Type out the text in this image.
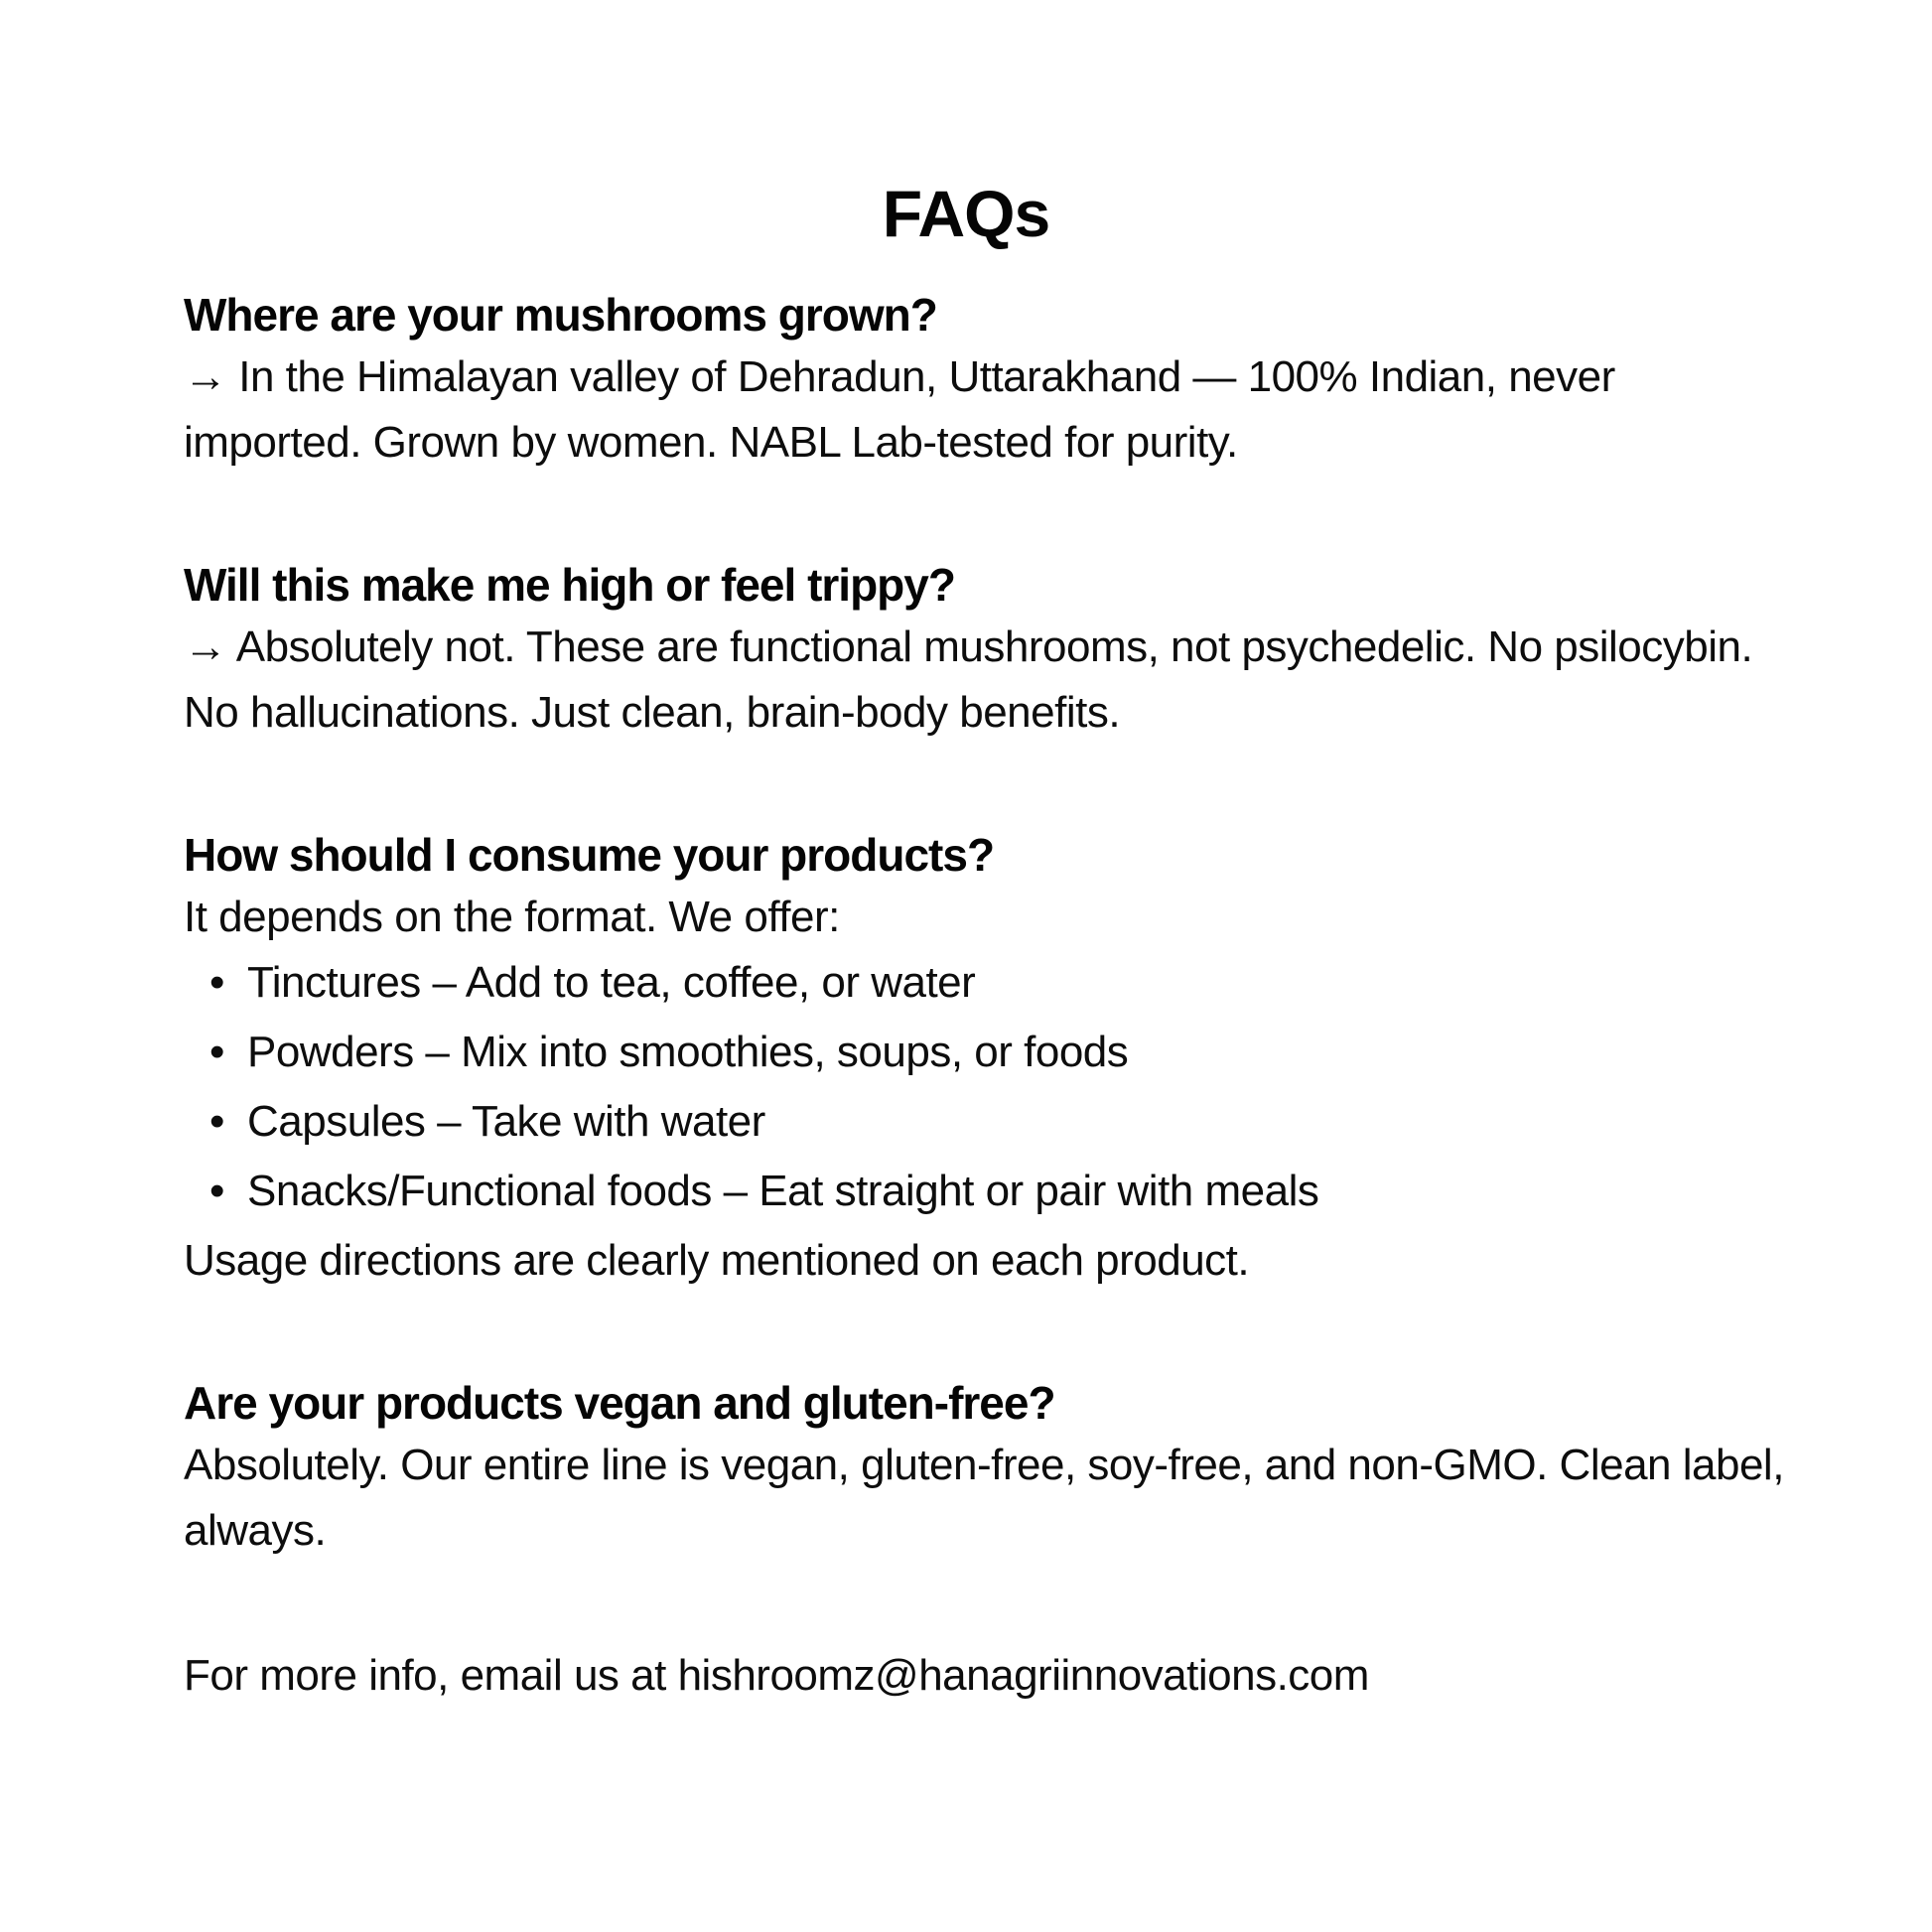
FAQs
Where are your mushrooms grown?

→ In the Himalayan valley of Dehradun, Uttarakhand — 100% Indian, never imported. Grown by women. NABL Lab-tested for purity.

Will this make me high or feel trippy?

→ Absolutely not. These are functional mushrooms, not psychedelic. No psilocybin. No hallucinations. Just clean, brain-body benefits.

How should I consume your products?

It depends on the format. We offer:

Tinctures – Add to tea, coffee, or water
Powders – Mix into smoothies, soups, or foods
Capsules – Take with water
Snacks/Functional foods – Eat straight or pair with meals

Usage directions are clearly mentioned on each product.

Are your products vegan and gluten-free?

Absolutely. Our entire line is vegan, gluten-free, soy-free, and non-GMO. Clean label, always.

For more info, email us at hishroomz@hanagriinnovations.com
